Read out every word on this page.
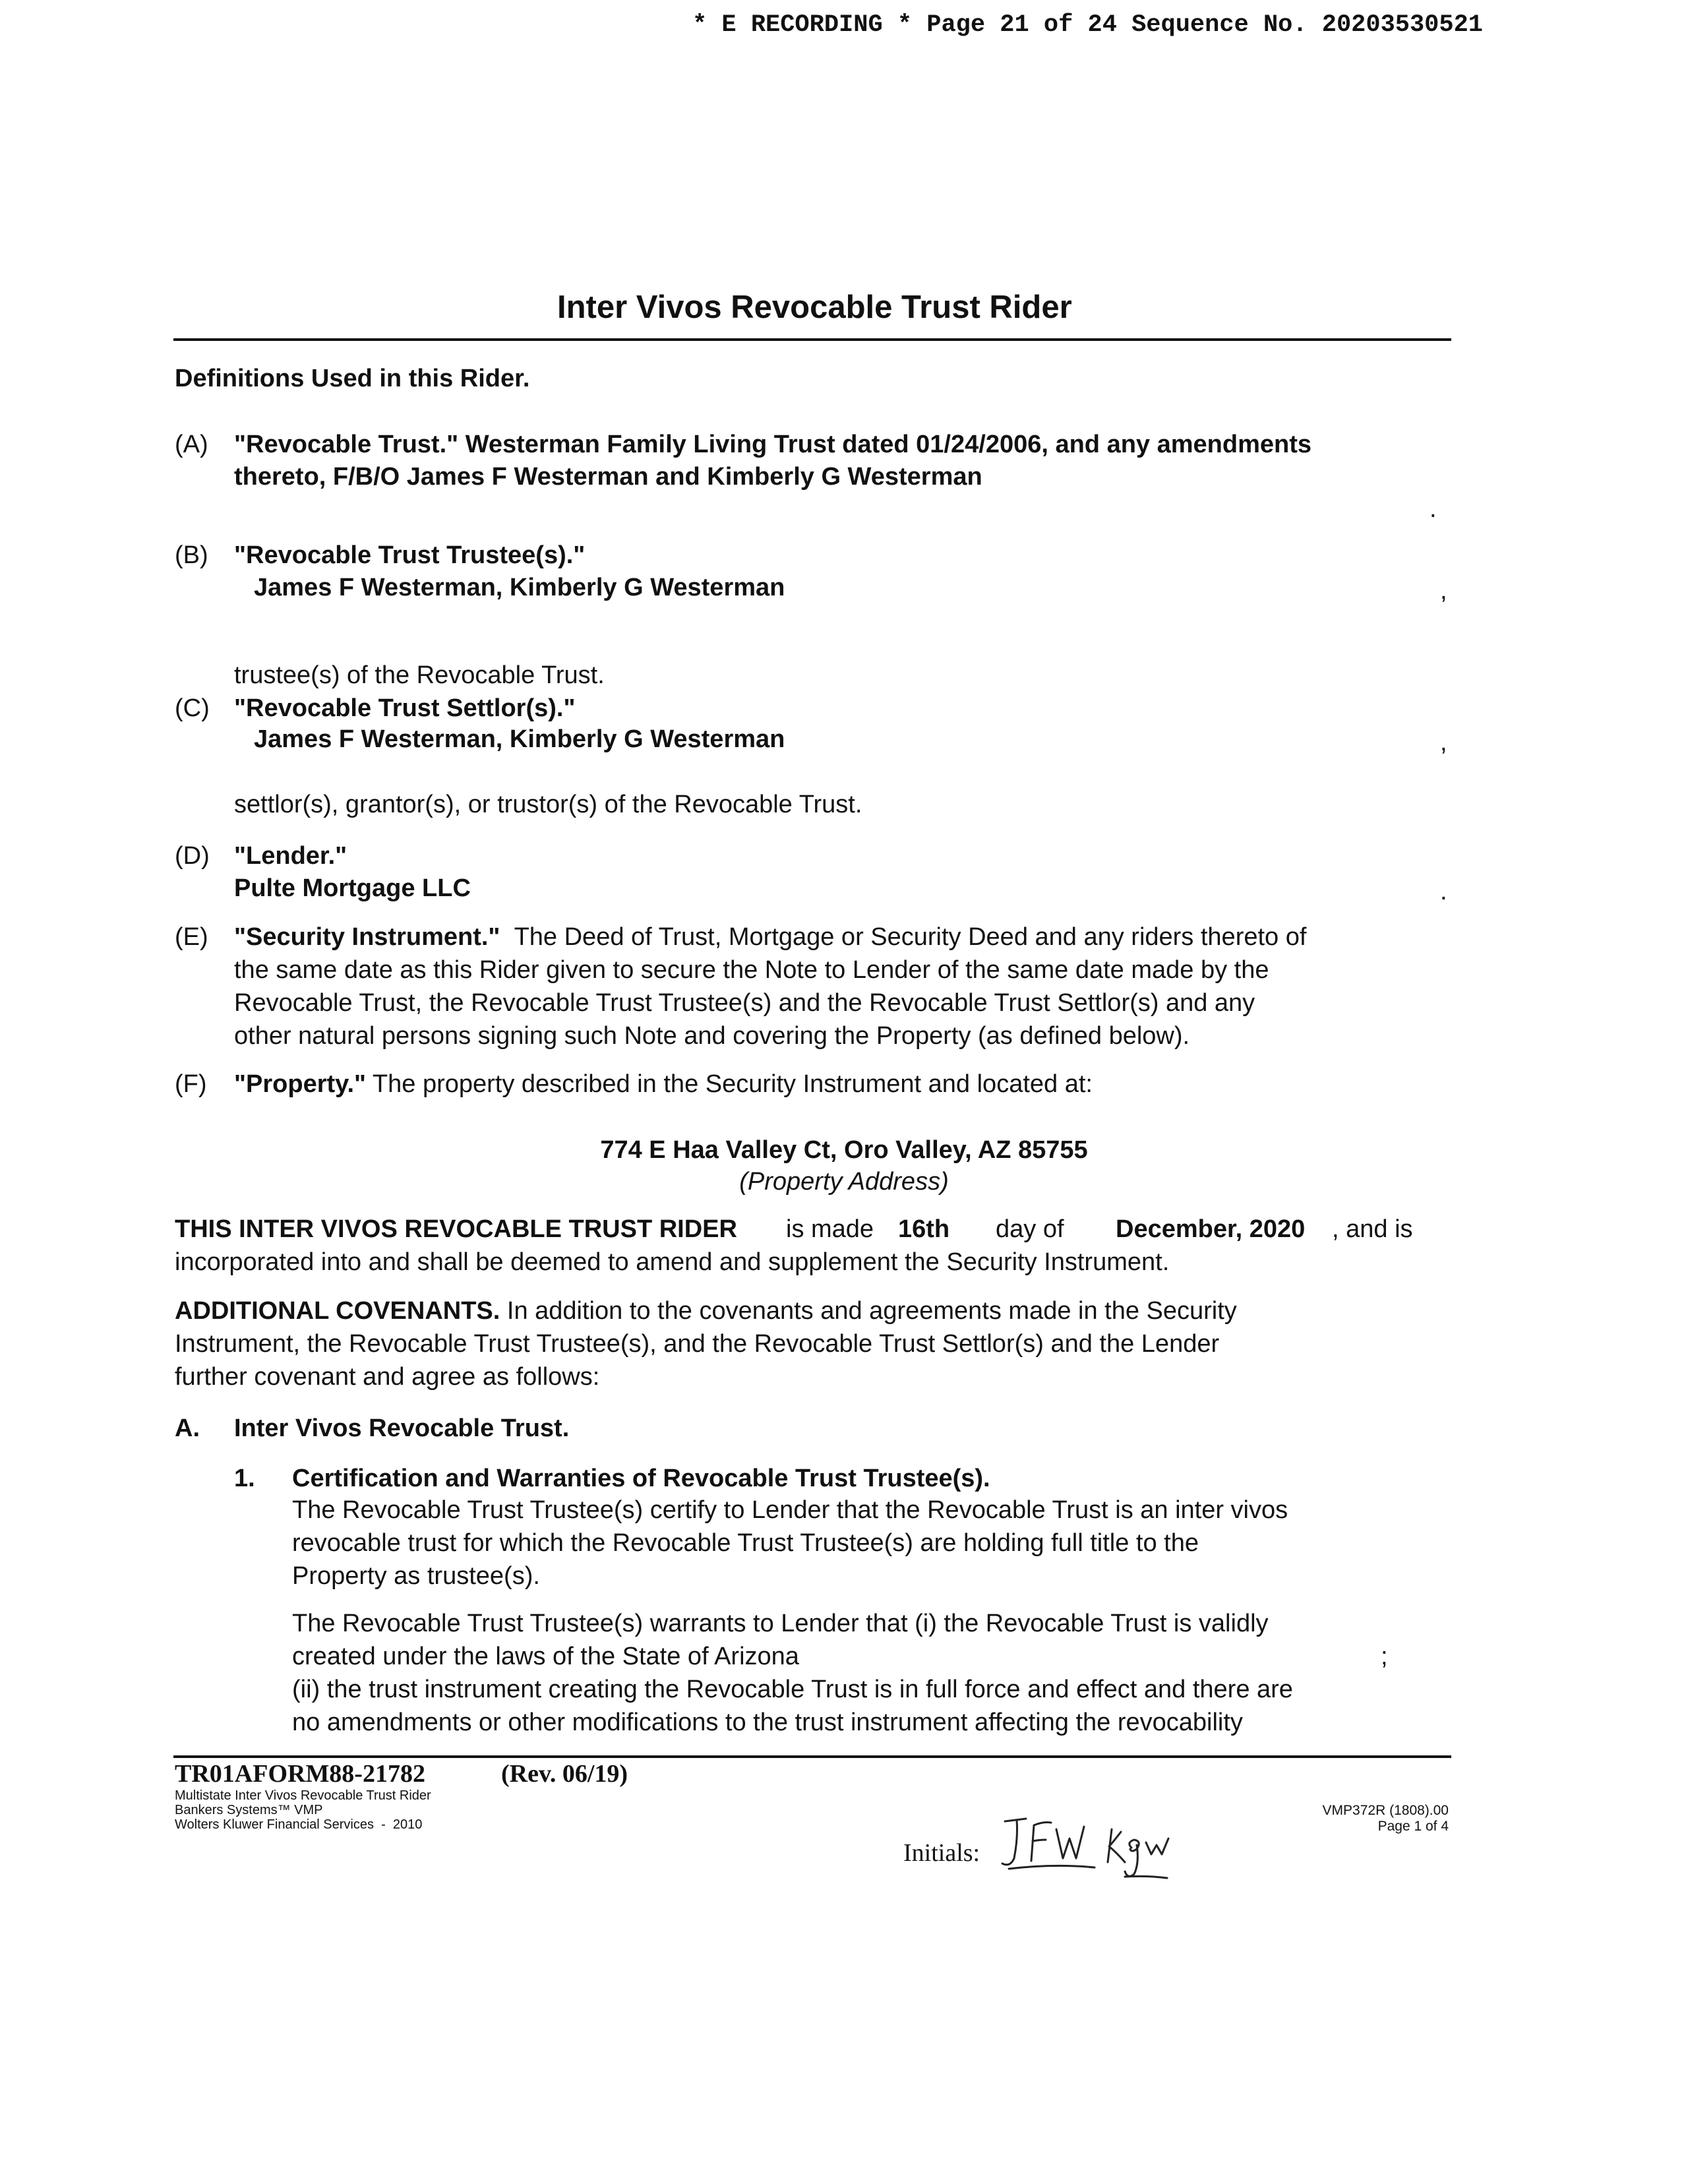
* E RECORDING * Page 21 of 24 Sequence No. 20203530521
Inter Vivos Revocable Trust Rider
Definitions Used in this Rider.
(A) "Revocable Trust." Westerman Family Living Trust dated 01/24/2006, and any amendments
thereto, F/B/O James F Westerman and Kimberly G Westerman
.
(B) "Revocable Trust Trustee(s)."
James F Westerman, Kimberly G Westerman	,
trustee(s) of the Revocable Trust.
(C) "Revocable Trust Settlor(s)."
James F Westerman, Kimberly G Westerman	,
settlor(s), grantor(s), or trustor(s) of the Revocable Trust.
(D) "Lender."
Pulte Mortgage LLC	.
(E) "Security Instrument." The Deed of Trust, Mortgage or Security Deed and any riders thereto of
the same date as this Rider given to secure the Note to Lender of the same date made by the
Revocable Trust, the Revocable Trust Trustee(s) and the Revocable Trust Settlor(s) and any
other natural persons signing such Note and covering the Property (as defined below).
(F) "Property." The property described in the Security Instrument and located at:
774 E Haa Valley Ct, Oro Valley, AZ 85755
(Property Address)
THIS INTER VIVOS REVOCABLE TRUST RIDER is made 16th day of December, 2020 , and is
incorporated into and shall be deemed to amend and supplement the Security Instrument.
ADDITIONAL COVENANTS. In addition to the covenants and agreements made in the Security
Instrument, the Revocable Trust Trustee(s), and the Revocable Trust Settlor(s) and the Lender
further covenant and agree as follows:
A. Inter Vivos Revocable Trust.
1. Certification and Warranties of Revocable Trust Trustee(s).
The Revocable Trust Trustee(s) certify to Lender that the Revocable Trust is an inter vivos
revocable trust for which the Revocable Trust Trustee(s) are holding full title to the
Property as trustee(s).
The Revocable Trust Trustee(s) warrants to Lender that (i) the Revocable Trust is validly
created under the laws of the State of Arizona	;
(ii) the trust instrument creating the Revocable Trust is in full force and effect and there are
no amendments or other modifications to the trust instrument affecting the revocability
TR01AFORM88-21782	(Rev. 06/19)
Multistate Inter Vivos Revocable Trust Rider
Bankers Systems™ VMP
Wolters Kluwer Financial Services - 2010
VMP372R (1808).00
Page 1 of 4
Initials:
